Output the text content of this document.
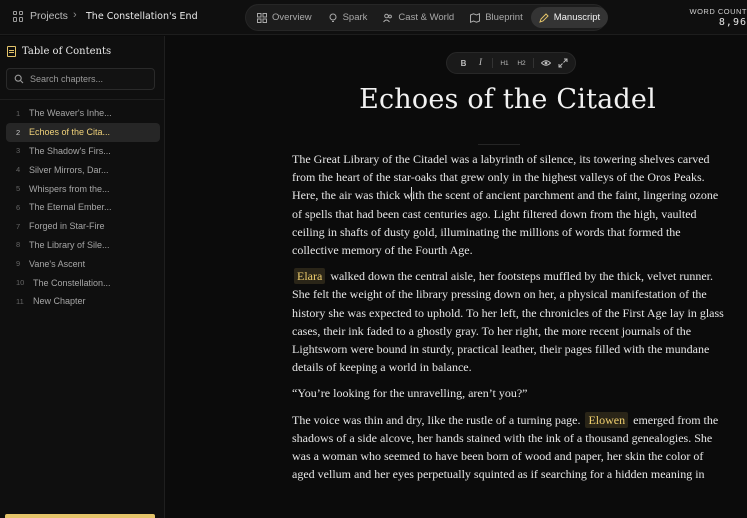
Projects › The Constellation's End	Overview	Spark	Cast & World	Blueprint	Manuscript
WORD COUNT
8,96
Table of Contents
Search chapters...
1 The Weaver's Inhe...
2 Echoes of the Cita...
3 The Shadow's Firs...
4 Silver Mirrors, Dar...
5 Whispers from the...
6 The Eternal Ember...
7 Forged in Star-Fire
8 The Library of Sile...
9 Vane's Ascent
10 The Constellation...
11	New Chapter
B	I	H1	H2
Echoes of the Citadel

The Great Library of the Citadel was a labyrinth of silence, its towering shelves carved from the heart of the star-oaks that grew only in the highest valleys of the Oros Peaks. Here, the air was thick with the scent of ancient parchment and the faint, lingering ozone of spells that had been cast centuries ago. Light filtered down from the high, vaulted ceiling in shafts of dusty gold, illuminating the millions of words that formed the collective memory of the Fourth Age.

Elara walked down the central aisle, her footsteps muffled by the thick, velvet runner. She felt the weight of the library pressing down on her, a physical manifestation of the history she was expected to uphold. To her left, the chronicles of the First Age lay in glass cases, their ink faded to a ghostly gray. To her right, the more recent journals of the Lightsworn were bound in sturdy, practical leather, their pages filled with the mundane details of keeping a world in balance.

“You’re looking for the unravelling, aren’t you?”

The voice was thin and dry, like the rustle of a turning page. Elowen emerged from the shadows of a side alcove, her hands stained with the ink of a thousand genealogies. She was a woman who seemed to have been born of wood and paper, her skin the color of aged vellum and her eyes perpetually squinted as if searching for a hidden meaning in
